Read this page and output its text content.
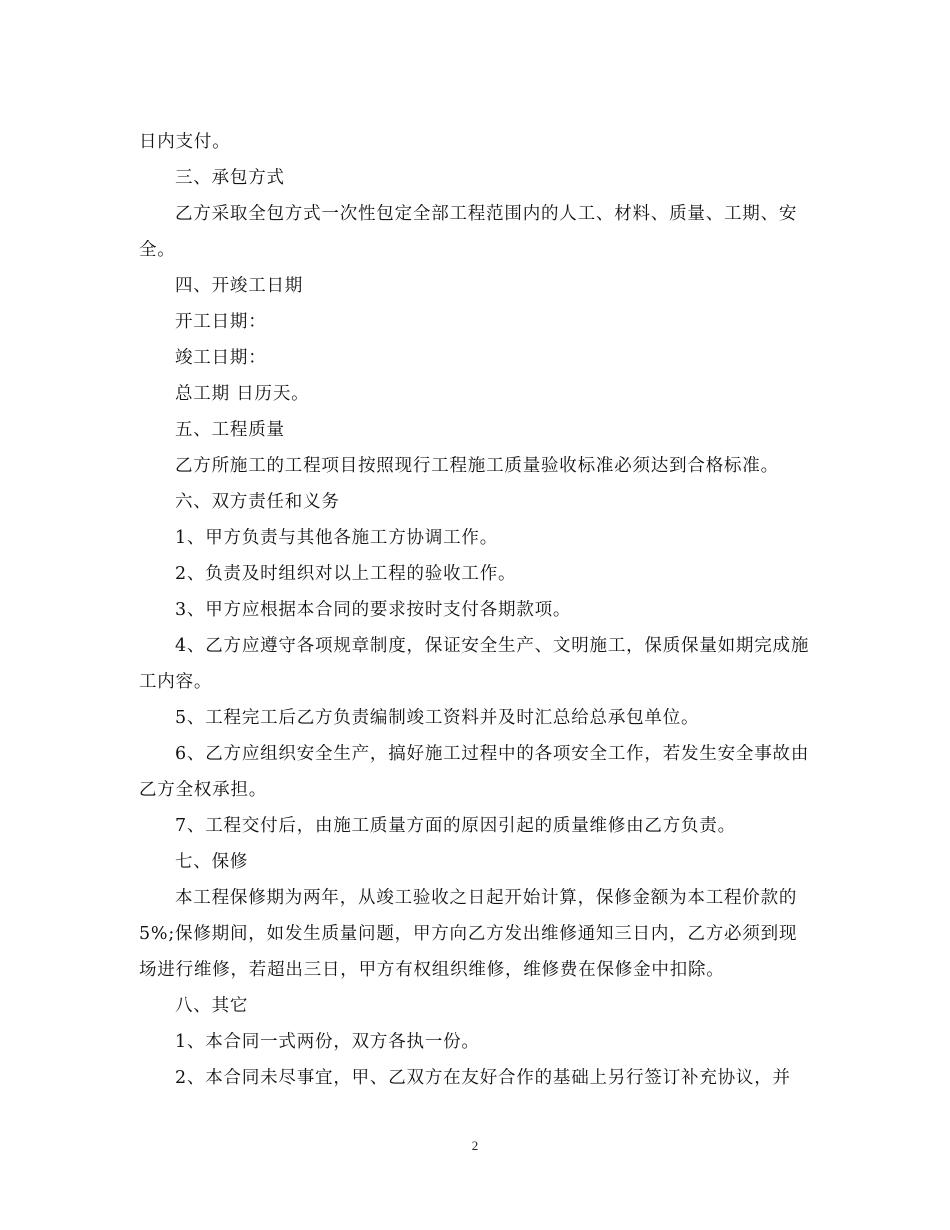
日内支付。

三、承包方式

乙方采取全包方式一次性包定全部工程范围内的人工、材料、质量、工期、安全。

四、开竣工日期

开工日期：

竣工日期：

总工期 日历天。

五、工程质量

乙方所施工的工程项目按照现行工程施工质量验收标准必须达到合格标准。

六、双方责任和义务

1、甲方负责与其他各施工方协调工作。

2、负责及时组织对以上工程的验收工作。

3、甲方应根据本合同的要求按时支付各期款项。

4、乙方应遵守各项规章制度，保证安全生产、文明施工，保质保量如期完成施工内容。

5、工程完工后乙方负责编制竣工资料并及时汇总给总承包单位。

6、乙方应组织安全生产，搞好施工过程中的各项安全工作，若发生安全事故由乙方全权承担。

7、工程交付后，由施工质量方面的原因引起的质量维修由乙方负责。

七、保修

本工程保修期为两年，从竣工验收之日起开始计算，保修金额为本工程价款的5%;保修期间，如发生质量问题，甲方向乙方发出维修通知三日内，乙方必须到现场进行维修，若超出三日，甲方有权组织维修，维修费在保修金中扣除。

八、其它

1、本合同一式两份，双方各执一份。

2、本合同未尽事宜，甲、乙双方在友好合作的基础上另行签订补充协议，并

2
